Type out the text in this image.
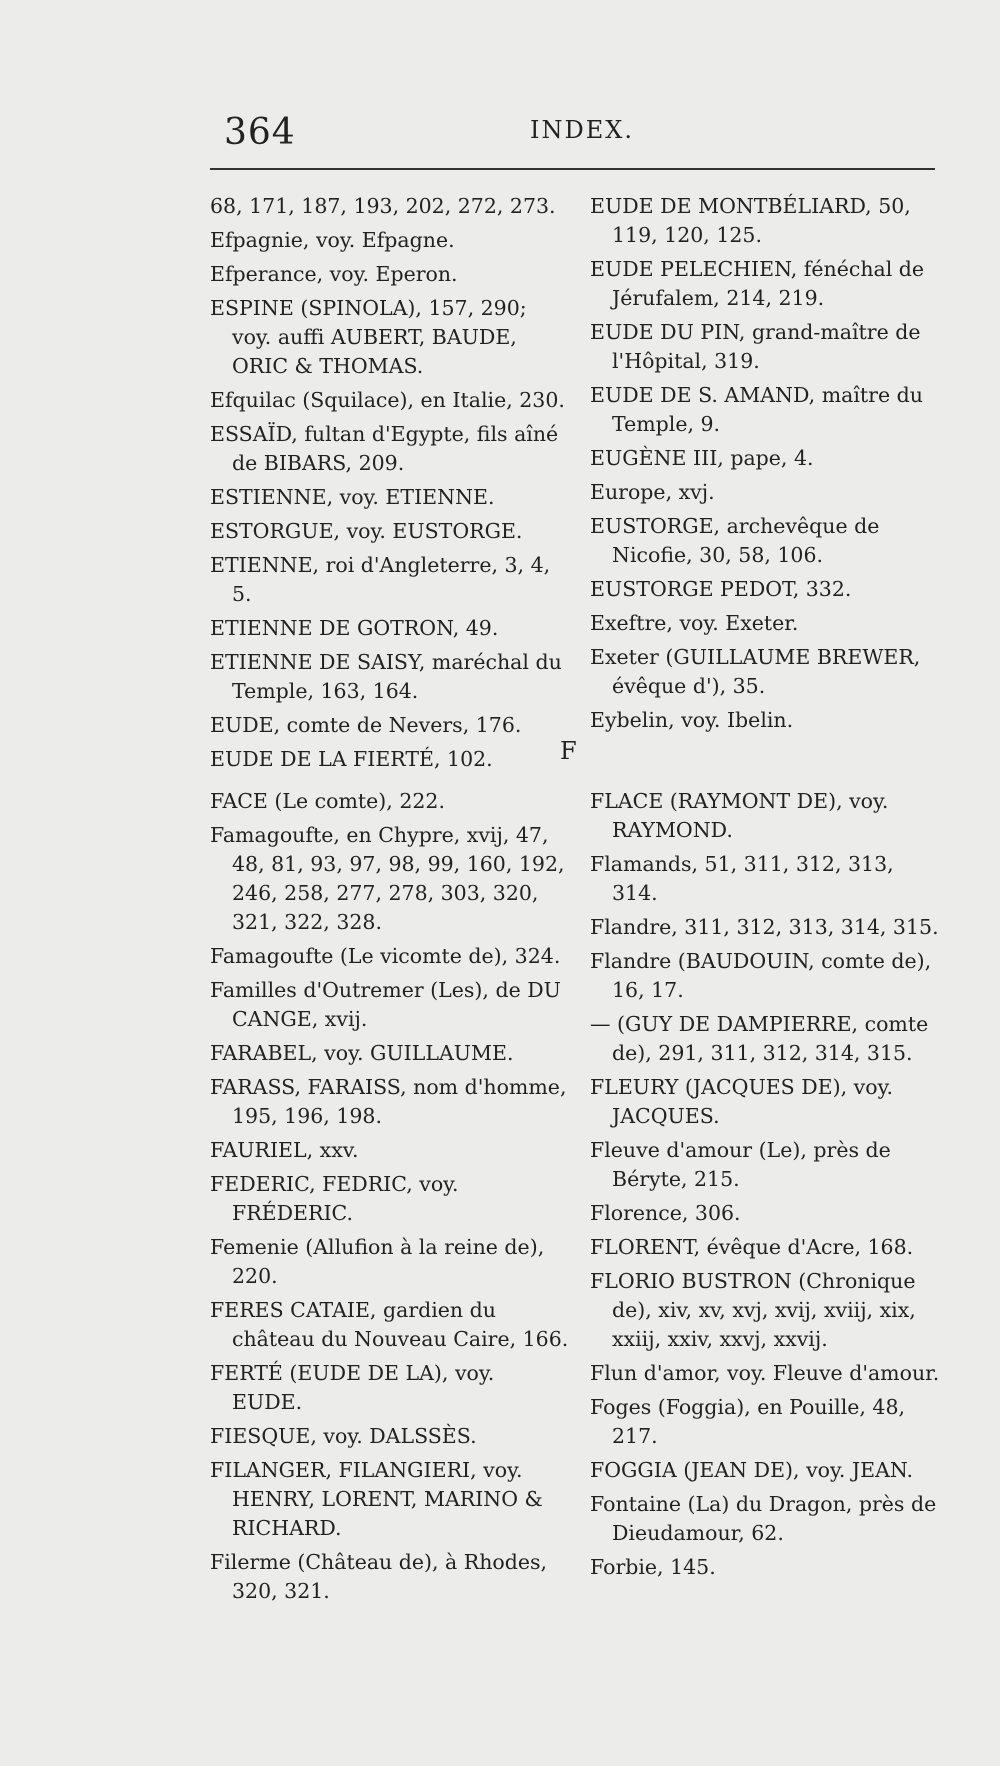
364	INDEX.

68, 171, 187, 193, 202, 272, 273.

Efpagnie, voy. Efpagne.

Efperance, voy. Eperon.

ESPINE (SPINOLA), 157, 290; voy. auffi AUBERT, BAUDE, ORIC & THOMAS.

Efquilac (Squilace), en Italie, 230.

ESSAÏD, fultan d'Egypte, fils aîné de BIBARS, 209.

ESTIENNE, voy. ETIENNE.

ESTORGUE, voy. EUSTORGE.

ETIENNE, roi d'Angleterre, 3, 4, 5.

ETIENNE DE GOTRON, 49.

ETIENNE DE SAISY, maréchal du Temple, 163, 164.

EUDE, comte de Nevers, 176.

EUDE DE LA FIERTÉ, 102.

EUDE DE MONTBÉLIARD, 50, 119, 120, 125.

EUDE PELECHIEN, fénéchal de Jérufalem, 214, 219.

EUDE DU PIN, grand-maître de l'Hôpital, 319.

EUDE DE S. AMAND, maître du Temple, 9.

EUGÈNE III, pape, 4.

Europe, xvj.

EUSTORGE, archevêque de Nicofie, 30, 58, 106.

EUSTORGE PEDOT, 332.

Exeftre, voy. Exeter.

Exeter (GUILLAUME BREWER, évêque d'), 35.

Eybelin, voy. Ibelin.

F

FACE (Le comte), 222.

Famagoufte, en Chypre, xvij, 47, 48, 81, 93, 97, 98, 99, 160, 192, 246, 258, 277, 278, 303, 320, 321, 322, 328.

Famagoufte (Le vicomte de), 324.

Familles d'Outremer (Les), de DU CANGE, xvij.

FARABEL, voy. GUILLAUME.

FARASS, FARAISS, nom d'homme, 195, 196, 198.

FAURIEL, xxv.

FEDERIC, FEDRIC, voy. FRÉDERIC.

Femenie (Allufion à la reine de), 220.

FERES CATAIE, gardien du château du Nouveau Caire, 166.

FERTÉ (EUDE DE LA), voy. EUDE.

FIESQUE, voy. DALSSÈS.

FILANGER, FILANGIERI, voy. HENRY, LORENT, MARINO & RICHARD.

Filerme (Château de), à Rhodes, 320, 321.

FLACE (RAYMONT DE), voy. RAYMOND.

Flamands, 51, 311, 312, 313, 314.

Flandre, 311, 312, 313, 314, 315.

Flandre (BAUDOUIN, comte de), 16, 17.

— (GUY DE DAMPIERRE, comte de), 291, 311, 312, 314, 315.

FLEURY (JACQUES DE), voy. JACQUES.

Fleuve d'amour (Le), près de Béryte, 215.

Florence, 306.

FLORENT, évêque d'Acre, 168.

FLORIO BUSTRON (Chronique de), xiv, xv, xvj, xvij, xviij, xix, xxiij, xxiv, xxvj, xxvij.

Flun d'amor, voy. Fleuve d'amour.

Foges (Foggia), en Pouille, 48, 217.

FOGGIA (JEAN DE), voy. JEAN.

Fontaine (La) du Dragon, près de Dieudamour, 62.

Forbie, 145.
